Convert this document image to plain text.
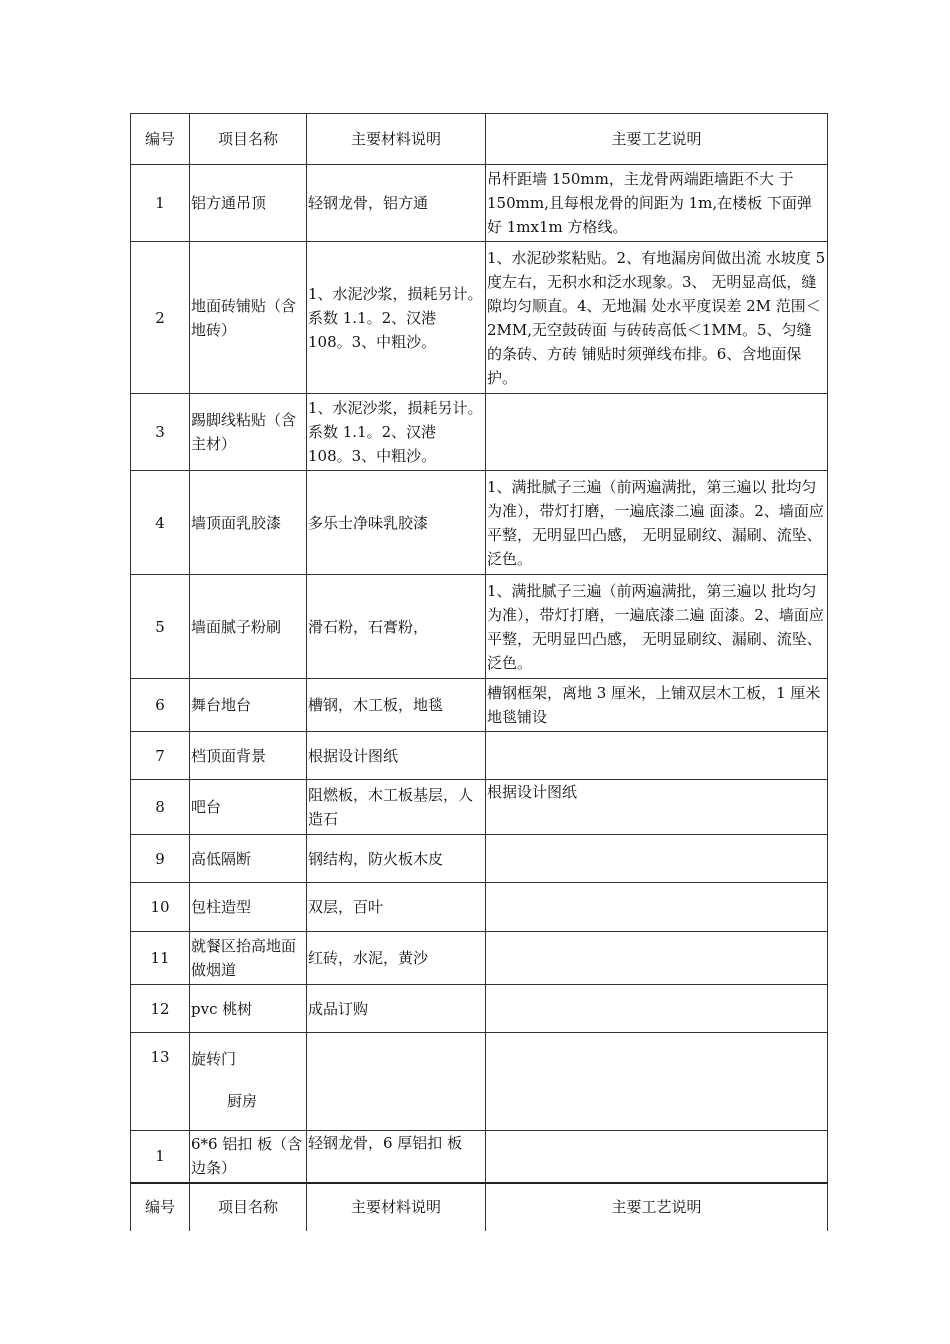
编号	项目名称	主要材料说明	主要工艺说明
1	铝方通吊顶	轻钢龙骨，铝方通	吊杆距墙 150mm，主龙骨两端距墙距不大 于 150mm,且每根龙骨的间距为 1m,在楼板 下面弹好 1mx1m 方格线。
2	地面砖铺贴（含地砖）	1、水泥沙浆，损耗另计。系数 1.1。2、汉港 108。3、中粗沙。	1、水泥砂浆粘贴。2、有地漏房间做出流 水坡度 5 度左右，无积水和泛水现象。3、 无明显高低，缝隙均匀顺直。4、无地漏 处水平度误差 2M 范围＜ 2MM,无空鼓砖面 与砖砖高低＜1MM。5、匀缝的条砖、方砖 铺贴时须弹线布排。6、含地面保护。
3	踢脚线粘贴（含主材）	1、水泥沙浆，损耗另计。系数 1.1。2、汉港 108。3、中粗沙。	
4	墙顶面乳胶漆	多乐士净味乳胶漆	1、满批腻子三遍（前两遍满批，第三遍以 批均匀为准），带灯打磨，一遍底漆二遍 面漆。2、墙面应平整，无明显凹凸感， 无明显刷纹、漏刷、流坠、泛色。
5	墙面腻子粉刷	滑石粉，石膏粉，	1、满批腻子三遍（前两遍满批，第三遍以 批均匀为准），带灯打磨，一遍底漆二遍 面漆。2、墙面应平整，无明显凹凸感， 无明显刷纹、漏刷、流坠、泛色。
6	舞台地台	槽钢，木工板，地毯	槽钢框架，离地 3 厘米，上铺双层木工板，1 厘米地毯铺设
7	档顶面背景	根据设计图纸	
8	吧台	阻燃板，木工板基层，人造石	根据设计图纸
9	高低隔断	钢结构，防火板木皮	
10	包柱造型	双层，百叶	
11	就餐区抬高地面做烟道	红砖，水泥，黄沙	
12	pvc 桃树	成品订购	
13	旋转门
厨房		

1	6*6 铝扣 板（含边条）	轻钢龙骨，6 厚铝扣 板	
编号	项目名称	主要材料说明	主要工艺说明
